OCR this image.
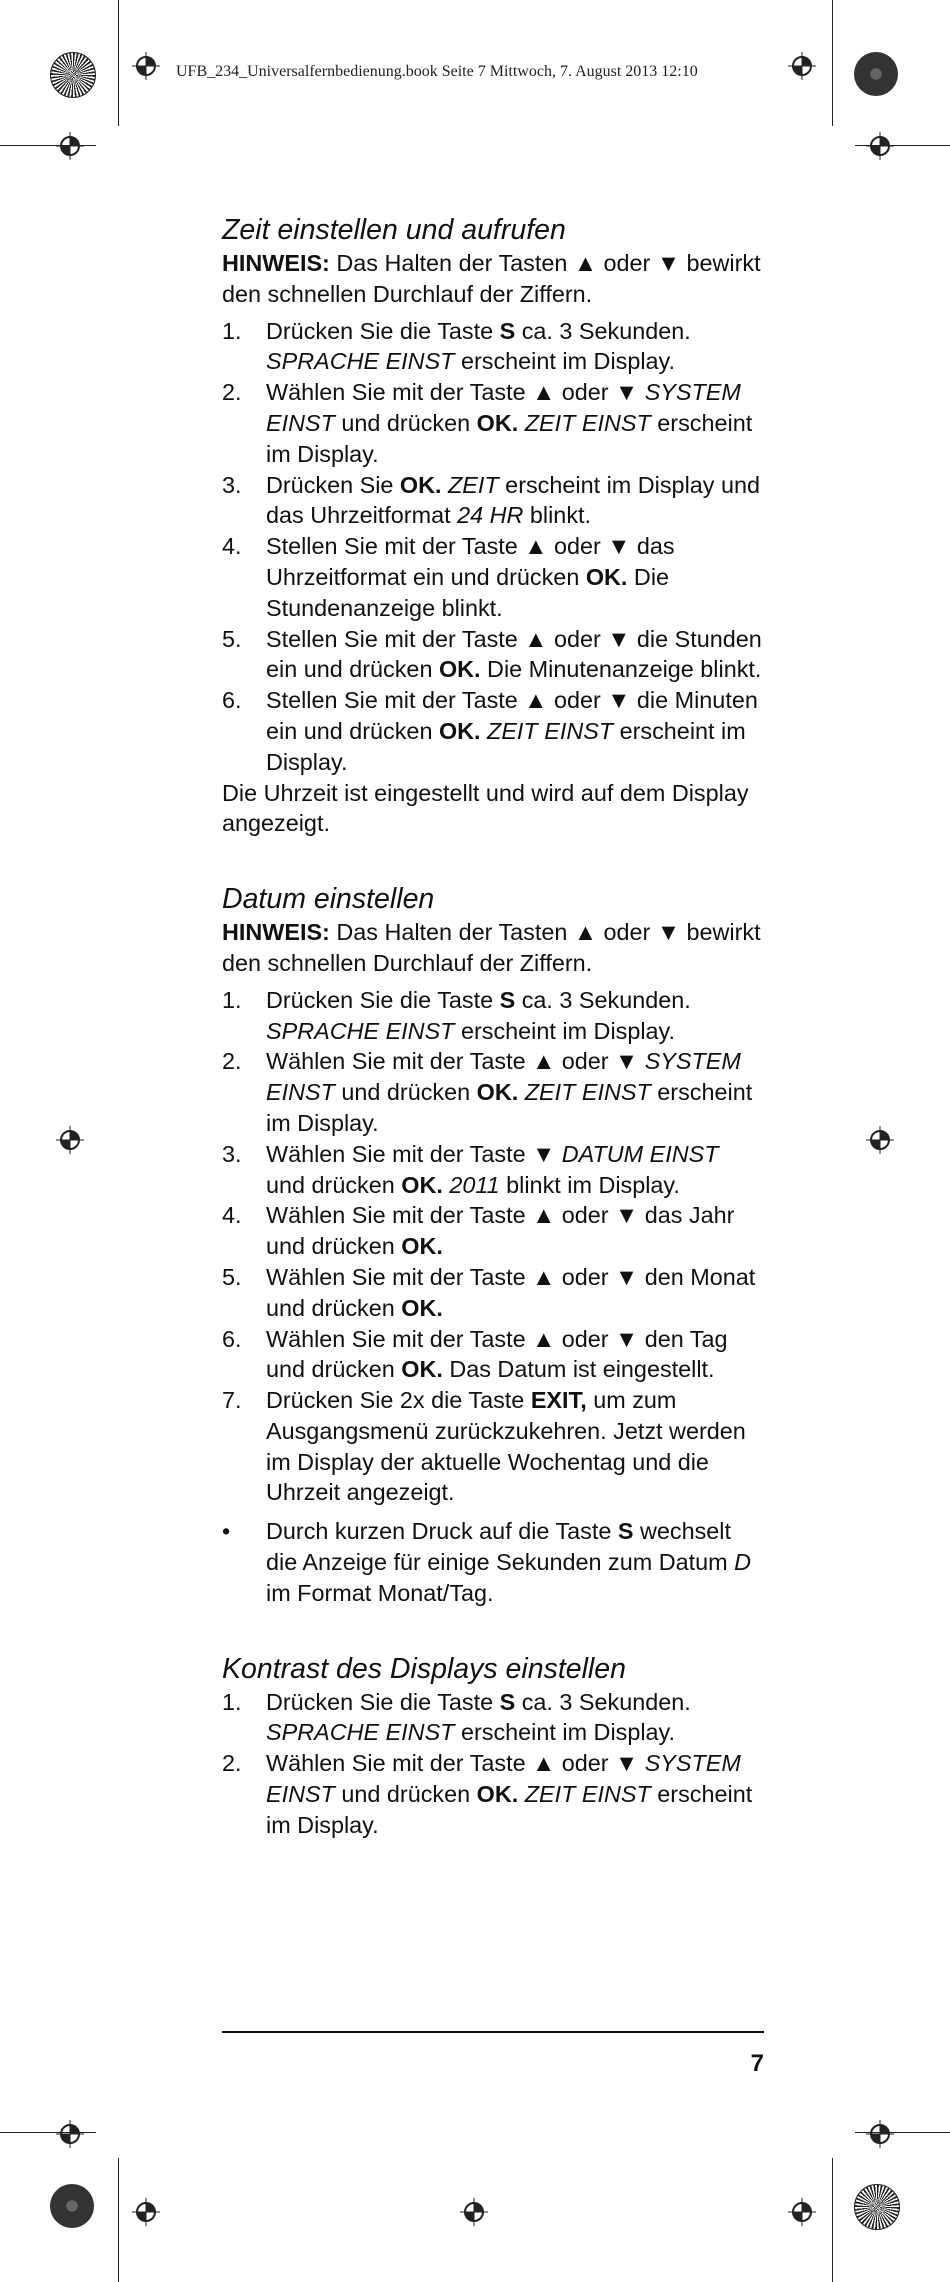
UFB_234_Universalfernbedienung.book Seite 7 Mittwoch, 7. August 2013 12:10
Zeit einstellen und aufrufen

HINWEIS: Das Halten der Tasten ▲ oder ▼ bewirkt den schnellen Durchlauf der Ziffern.

1.	Drücken Sie die Taste S ca. 3 Sekunden. SPRACHE EINST erscheint im Display.
2.	Wählen Sie mit der Taste ▲ oder ▼ SYSTEM EINST und drücken OK. ZEIT EINST erscheint im Display.
3.	Drücken Sie OK. ZEIT erscheint im Display und das Uhrzeitformat 24 HR blinkt.
4.	Stellen Sie mit der Taste ▲ oder ▼ das Uhrzeitformat ein und drücken OK. Die Stundenanzeige blinkt.
5.	Stellen Sie mit der Taste ▲ oder ▼ die Stunden ein und drücken OK. Die Minutenanzeige blinkt.
6.	Stellen Sie mit der Taste ▲ oder ▼ die Minuten ein und drücken OK. ZEIT EINST erscheint im Display.

Die Uhrzeit ist eingestellt und wird auf dem Display angezeigt.

Datum einstellen

HINWEIS: Das Halten der Tasten ▲ oder ▼ bewirkt den schnellen Durchlauf der Ziffern.

1.	Drücken Sie die Taste S ca. 3 Sekunden. SPRACHE EINST erscheint im Display.
2.	Wählen Sie mit der Taste ▲ oder ▼ SYSTEM EINST und drücken OK. ZEIT EINST erscheint im Display.
3.	Wählen Sie mit der Taste ▼ DATUM EINST und drücken OK. 2011 blinkt im Display.
4.	Wählen Sie mit der Taste ▲ oder ▼ das Jahr und drücken OK.
5.	Wählen Sie mit der Taste ▲ oder ▼ den Monat und drücken OK.
6.	Wählen Sie mit der Taste ▲ oder ▼ den Tag und drücken OK. Das Datum ist eingestellt.
7.	Drücken Sie 2x die Taste EXIT, um zum Ausgangsmenü zurückzukehren. Jetzt werden im Display der aktuelle Wochentag und die Uhrzeit angezeigt.
•	Durch kurzen Druck auf die Taste S wechselt die Anzeige für einige Sekunden zum Datum D im Format Monat/Tag.
Kontrast des Displays einstellen
1.	Drücken Sie die Taste S ca. 3 Sekunden. SPRACHE EINST erscheint im Display.
2.	Wählen Sie mit der Taste ▲ oder ▼ SYSTEM EINST und drücken OK. ZEIT EINST erscheint im Display.
7
